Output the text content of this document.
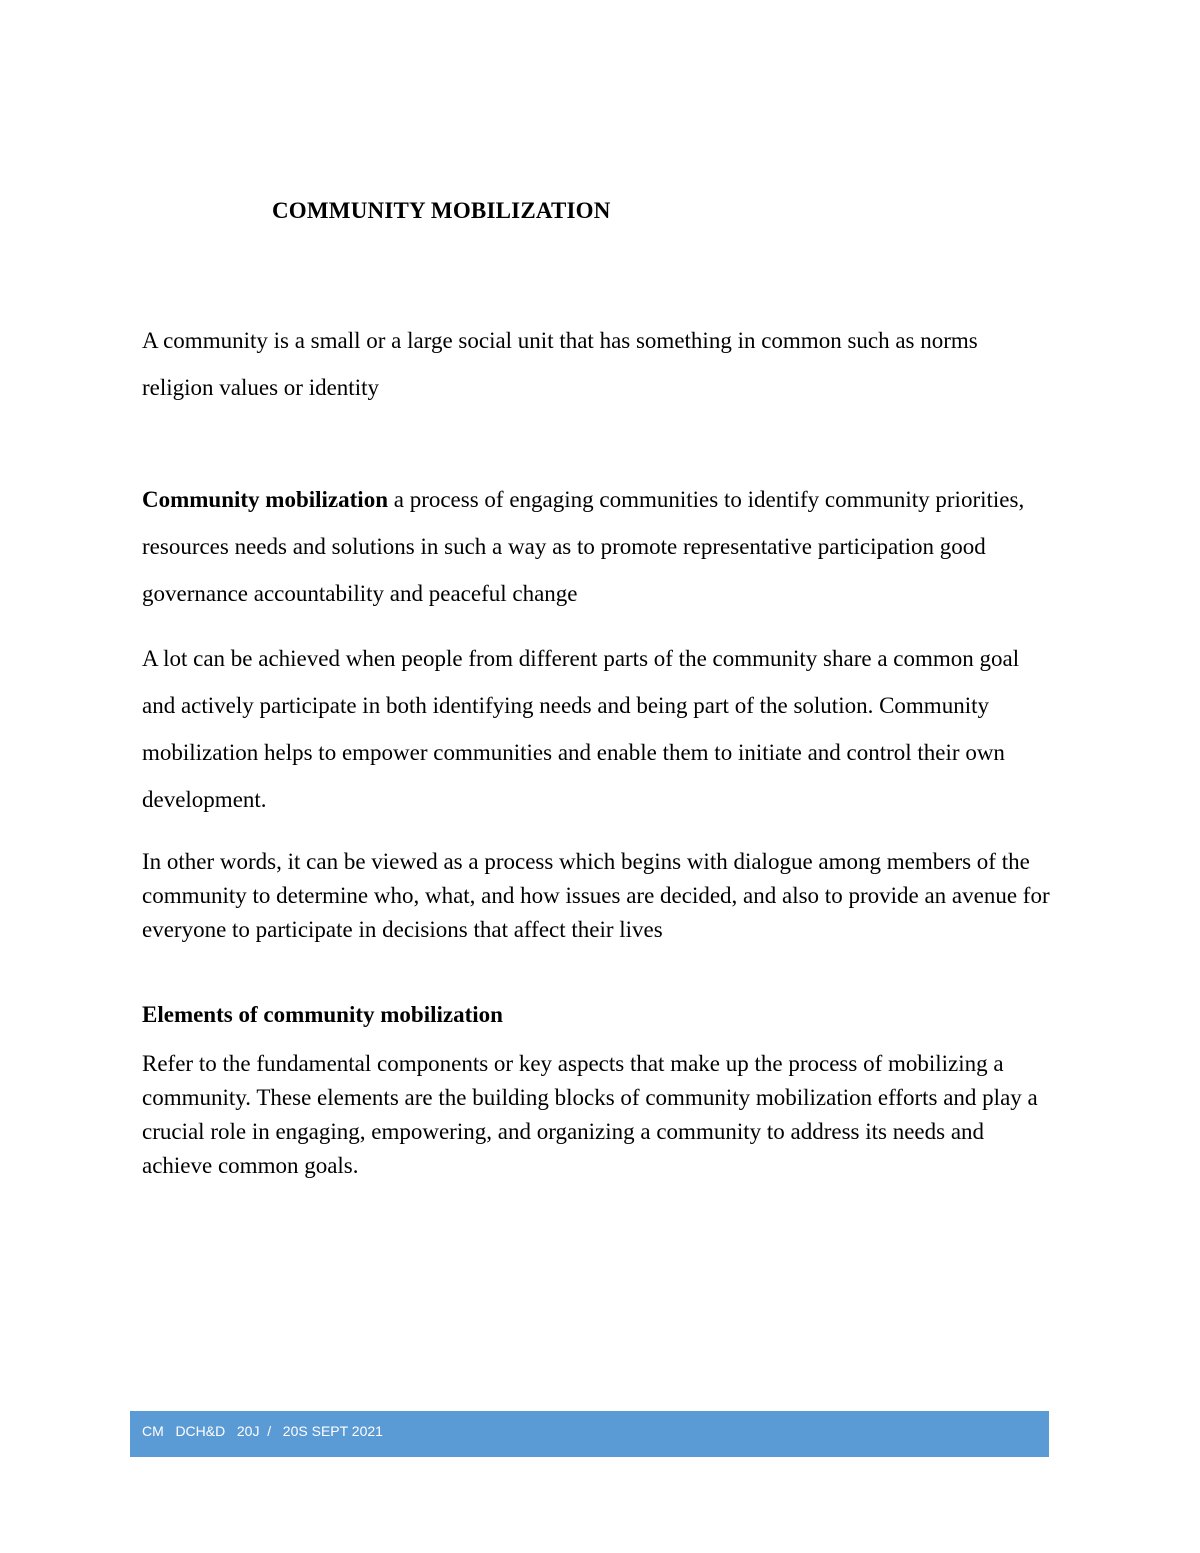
COMMUNITY MOBILIZATION

A community is a small or a large social unit that has something in common such as norms religion values or identity

Community mobilization a process of engaging communities to identify community priorities, resources needs and solutions in such a way as to promote representative participation good governance accountability and peaceful change

A lot can be achieved when people from different parts of the community share a common goal and actively participate in both identifying needs and being part of the solution. Community mobilization helps to empower communities and enable them to initiate and control their own development.

In other words, it can be viewed as a process which begins with dialogue among members of the community to determine who, what, and how issues are decided, and also to provide an avenue for everyone to participate in decisions that affect their lives

Elements of community mobilization

Refer to the fundamental components or key aspects that make up the process of mobilizing a community. These elements are the building blocks of community mobilization efforts and play a crucial role in engaging, empowering, and organizing a community to address its needs and achieve common goals.

CM   DCH&D   20J  /   20S SEPT 2021
